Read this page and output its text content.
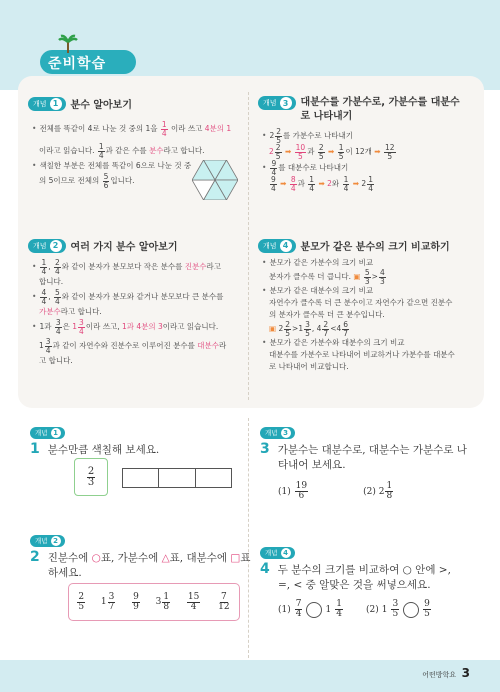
준비학습
개념 1	분수 알아보기
• 전체를 똑같이 4로 나눈 것 중의 1을 $\frac{1}{4}$ 이라 쓰고 4분의 1
이라고 읽습니다. $\frac{1}{4}$ 과 같은 수를 분수라고 합니다.
• 색칠한 부분은 전체를 똑같이 6으로 나눈 것 중
의 5이므로 전체의 $\frac{5}{6}$ 입니다.
개념 2	여러 가지 분수 알아보기
• $\frac{1}{4}$ , $\frac{2}{4}$ 와 같이 분자가 분모보다 작은 분수를 진분수라고
합니다.
• $\frac{4}{4}$ , $\frac{5}{4}$ 와 같이 분자가 분모와 같거나 분모보다 큰 분수를
가분수라고 합니다.
• 1과 $\frac{3}{4}$ 은 $1 \frac{3}{4}$ 이라 쓰고, 1과 4분의 3이라고 읽습니다.
$1 \frac{3}{4}$ 과 같이 자연수와 진분수로 이루어진 분수를 대분수라
고 합니다.
개념 3	대분수를 가분수로, 가분수를 대분수
로 나타내기
• $2 \frac{2}{5}$ 를 가분수로 나타내기
$2 \frac{2}{5}$ ➡ $\frac{10}{5}$ 과 $\frac{2}{5}$ ➡ $\frac{1}{5}$ 이 12개 ➡ $\frac{12}{5}$
• $\frac{9}{4}$ 를 대분수로 나타내기
$\frac{9}{4}$ ➡ $\frac{8}{4}$ 과 $\frac{1}{4}$ ➡ 2와 $\frac{1}{4}$ ➡ $2 \frac{1}{4}$
개념 4	분모가 같은 분수의 크기 비교하기
• 분모가 같은 가분수의 크기 비교
분자가 클수록 더 큽니다. ▣ $\frac{5}{3} > \frac{4}{3}$
• 분모가 같은 대분수의 크기 비교
자연수가 클수록 더 큰 분수이고 자연수가 같으면 진분수
의 분자가 클수록 더 큰 분수입니다.
▣ $2 \frac{2}{5} >1 \frac{3}{5}$ , $4 \frac{2}{7} <4 \frac{6}{7}$
• 분모가 같은 가분수와 대분수의 크기 비교
대분수를 가분수로 나타내어 비교하거나 가분수를 대분수
로 나타내어 비교합니다.
개념 1
1 분수만큼 색칠해 보세요.
$\frac{2}{3}$
개념 2
2 진분수에 ○표, 가분수에 △표, 대분수에 □표
하세요.
$\frac{2}{5} 1 \frac{3}{7} \frac{9}{9} 3 \frac{1}{8} \frac{15}{4} \frac{7}{12}$
개념 3
3 가분수는 대분수로, 대분수는 가분수로 나
타내어 보세요.
$(1) \frac{19}{6}$	(2) $2 \frac{1}{8}$
개념 4
4 두 분수의 크기를 비교하여 ○ 안에 >,
=, < 중 알맞은 것을 써넣으세요.
$(1) \frac{7}{4}$	$1 \frac{1}{4}$	(2) $1 \frac{3}{5}$	$\frac{9}{5}$
어떤방학요 3
